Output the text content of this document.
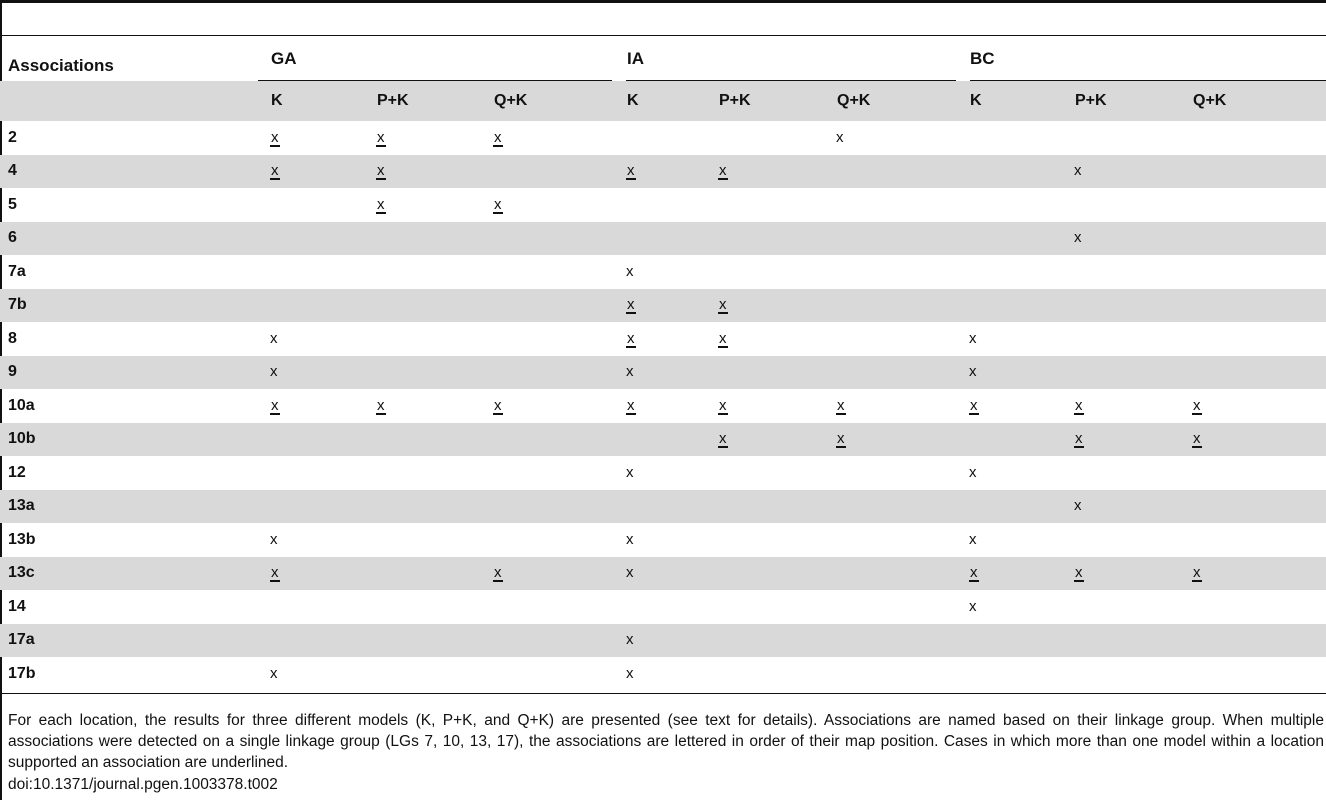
Associations	GA	IA	BC
K	P+K	Q+K	K	P+K	Q+K	K	P+K	Q+K
2	x	x	x			x			
4	x	x		x	x			x	
5		x	x						
6								x	
7a				x					
7b				x	x				
8	x			x	x		x		
9	x			x			x		
10a	x	x	x	x	x	x	x	x	x
10b					x	x		x	x
12				x			x		
13a								x	
13b	x			x			x		
13c	x		x	x			x	x	x
14							x		
17a				x					
17b	x			x					
For each location, the results for three different models (K, P+K, and Q+K) are presented (see text for details). Associations are named based on their linkage group. When multiple associations were detected on a single linkage group (LGs 7, 10, 13, 17), the associations are lettered in order of their map position. Cases in which more than one model within a location supported an association are underlined.
doi:10.1371/journal.pgen.1003378.t002
